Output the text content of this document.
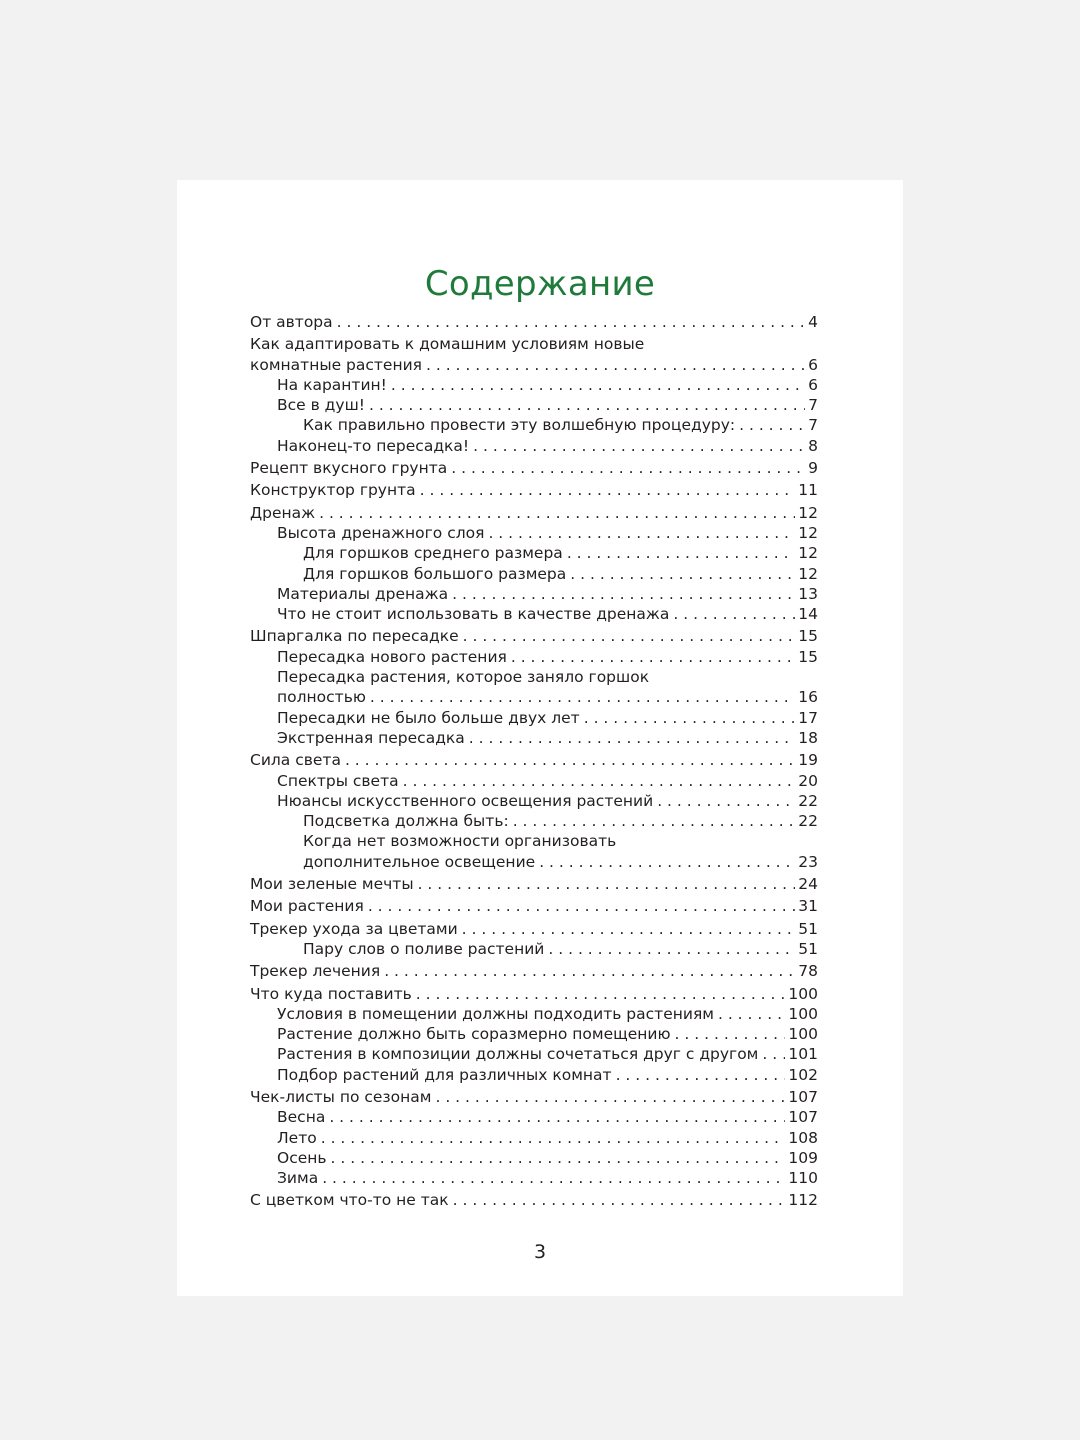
Содержание
От автора . . .	4
Как адаптировать к домашним условиям новые
комнатные растения . . .	6
На карантин! . . .	6
Все в душ! . . .	7
Как правильно провести эту волшебную процедуру: . . .	7
Наконец-то пересадка! . . .	8
Рецепт вкусного грунта . . .	9
Конструктор грунта . . .	11
Дренаж . . .	12
Высота дренажного слоя . . .	12
Для горшков среднего размера . . .	12
Для горшков большого размера . . .	12
Материалы дренажа . . .	13
Что не стоит использовать в качестве дренажа . . .	14
Шпаргалка по пересадке . . .	15
Пересадка нового растения . . .	15
Пересадка растения, которое заняло горшок
полностью . . .	16
Пересадки не было больше двух лет . . .	17
Экстренная пересадка . . .	18
Сила света . . .	19
Спектры света . . .	20
Нюансы искусственного освещения растений . . .	22
Подсветка должна быть: . . .	22
Когда нет возможности организовать
дополнительное освещение . . .	23
Мои зеленые мечты . . .	24
Мои растения . . .	31
Трекер ухода за цветами . . .	51
Пару слов о поливе растений . . .	51
Трекер лечения . . .	78
Что куда поставить . . .	100
Условия в помещении должны подходить растениям . . .	100
Растение должно быть соразмерно помещению . . .	100
Растения в композиции должны сочетаться друг с другом . . . 101
Подбор растений для различных комнат . . .	102
Чек-листы по сезонам . . .	107
Весна . . .	107
Лето . . .	108
Осень . . .	109
Зима . . .	110
С цветком что-то не так . . .	112
3
